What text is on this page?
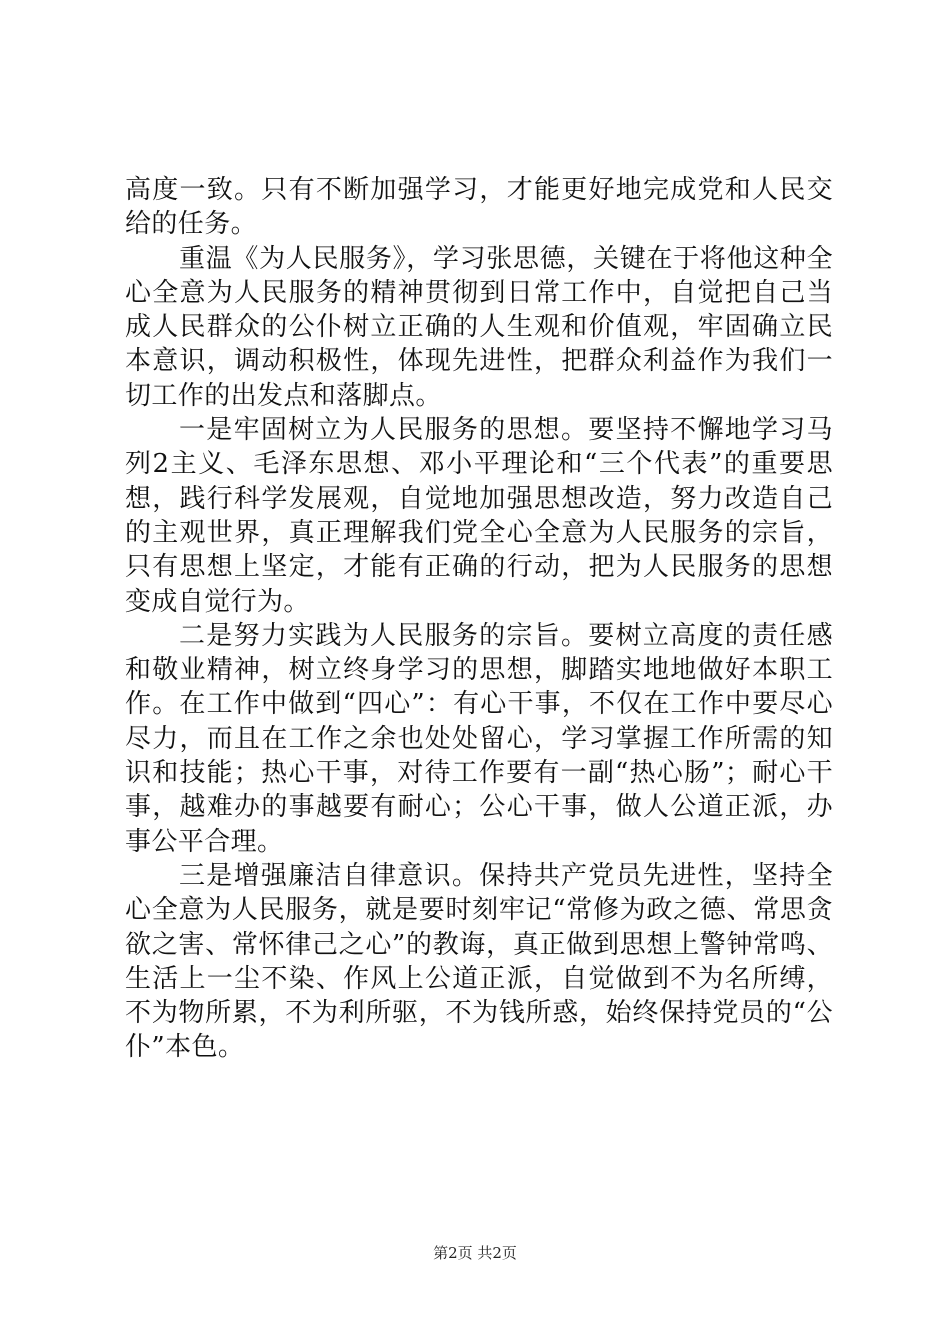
高度一致。只有不断加强学习，才能更好地完成党和人民交给的任务。

重温《为人民服务》，学习张思德，关键在于将他这种全心全意为人民服务的精神贯彻到日常工作中，自觉把自己当成人民群众的公仆树立正确的人生观和价值观，牢固确立民本意识，调动积极性，体现先进性，把群众利益作为我们一切工作的出发点和落脚点。

一是牢固树立为人民服务的思想。要坚持不懈地学习马列2主义、毛泽东思想、邓小平理论和“三个代表”的重要思想，践行科学发展观，自觉地加强思想改造，努力改造自己的主观世界，真正理解我们党全心全意为人民服务的宗旨，只有思想上坚定，才能有正确的行动，把为人民服务的思想变成自觉行为。

二是努力实践为人民服务的宗旨。要树立高度的责任感和敬业精神，树立终身学习的思想，脚踏实地地做好本职工作。在工作中做到“四心”：有心干事，不仅在工作中要尽心尽力，而且在工作之余也处处留心，学习掌握工作所需的知识和技能；热心干事，对待工作要有一副“热心肠”；耐心干事，越难办的事越要有耐心；公心干事，做人公道正派，办事公平合理。

三是增强廉洁自律意识。保持共产党员先进性，坚持全心全意为人民服务，就是要时刻牢记“常修为政之德、常思贪欲之害、常怀律己之心”的教诲，真正做到思想上警钟常鸣、生活上一尘不染、作风上公道正派，自觉做到不为名所缚，不为物所累，不为利所驱，不为钱所惑，始终保持党员的“公仆”本色。

第2页 共2页
